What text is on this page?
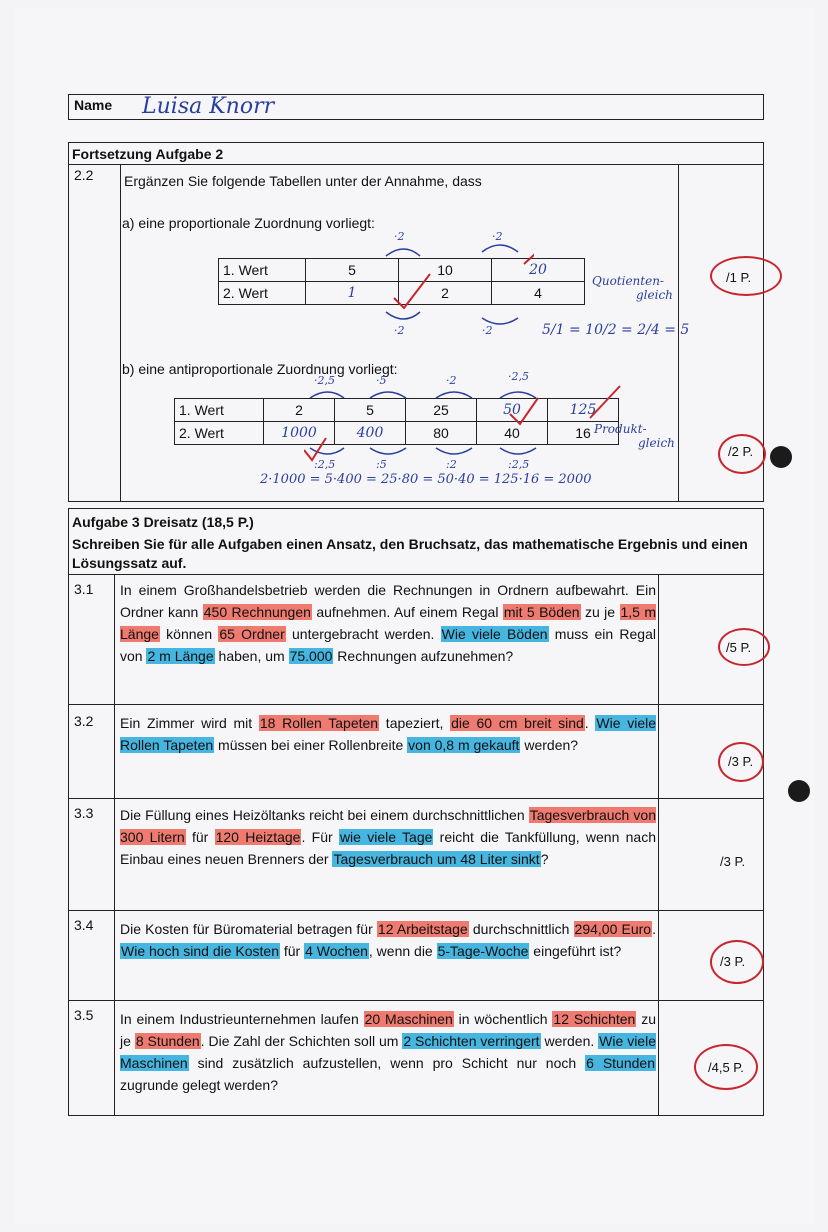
Name Luisa Knorr
Fortsetzung Aufgabe 2
2.2 Ergänzen Sie folgende Tabellen unter der Annahme, dass
a) eine proportionale Zuordnung vorliegt:
1. Wert	5	10	20
2. Wert	1	2	4
·2	·2
·2	·2
Quotienten-
gleich
5/1 = 10/2 = 2/4 = 5
/1 P.
b) eine antiproportionale Zuordnung vorliegt:
1. Wert	2	5	25	50	125
2. Wert	1000	400	80	40	16
·2,5	·5	·2	·2,5
:2,5	:5	:2	:2,5
Produkt-
gleich
2·1000 = 5·400 = 25·80 = 50·40 = 125·16 = 2000
/2 P.
Aufgabe 3 Dreisatz (18,5 P.)
Schreiben Sie für alle Aufgaben einen Ansatz, den Bruchsatz, das mathematische Ergebnis und einen Lösungssatz auf.
3.1 In einem Großhandelsbetrieb werden die Rechnungen in Ordnern aufbewahrt. Ein Ordner kann 450 Rechnungen aufnehmen. Auf einem Regal mit 5 Böden zu je 1,5 m Länge können 65 Ordner untergebracht werden. Wie viele Böden muss ein Regal von 2 m Länge haben, um 75.000 Rechnungen aufzunehmen?
/5 P.
3.2 Ein Zimmer wird mit 18 Rollen Tapeten tapeziert, die 60 cm breit sind. Wie viele Rollen Tapeten müssen bei einer Rollenbreite von 0,8 m gekauft werden?
/3 P.
3.3 Die Füllung eines Heizöltanks reicht bei einem durchschnittlichen Tagesverbrauch von 300 Litern für 120 Heiztage. Für wie viele Tage reicht die Tankfüllung, wenn nach Einbau eines neuen Brenners der Tagesverbrauch um 48 Liter sinkt?	/3 P.
3.4 Die Kosten für Büromaterial betragen für 12 Arbeitstage durchschnittlich 294,00 Euro. Wie hoch sind die Kosten für 4 Wochen, wenn die 5-Tage-Woche eingeführt ist?
/3 P.
3.5 In einem Industrieunternehmen laufen 20 Maschinen in wöchentlich 12 Schichten zu je 8 Stunden. Die Zahl der Schichten soll um 2 Schichten verringert werden. Wie viele Maschinen sind zusätzlich aufzustellen, wenn pro Schicht nur noch 6 Stunden zugrunde gelegt werden?
/4,5 P.
